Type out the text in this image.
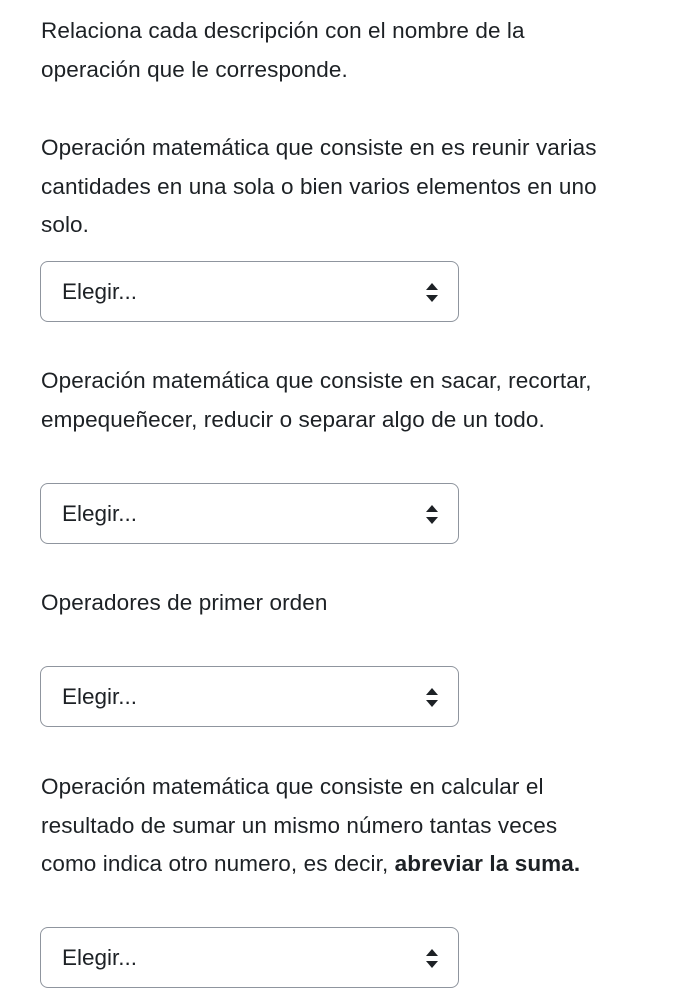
Relaciona cada descripción con el nombre de la
operación que le corresponde.
Operación matemática que consiste en es reunir varias
cantidades en una sola o bien varios elementos en uno
solo.
Elegir...
Operación matemática que consiste en sacar, recortar,
empequeñecer, reducir o separar algo de un todo.
Elegir...
Operadores de primer orden
Elegir...
Operación matemática que consiste en calcular el
resultado de sumar un mismo número tantas veces
como indica otro numero, es decir, abreviar la suma.
Elegir...
